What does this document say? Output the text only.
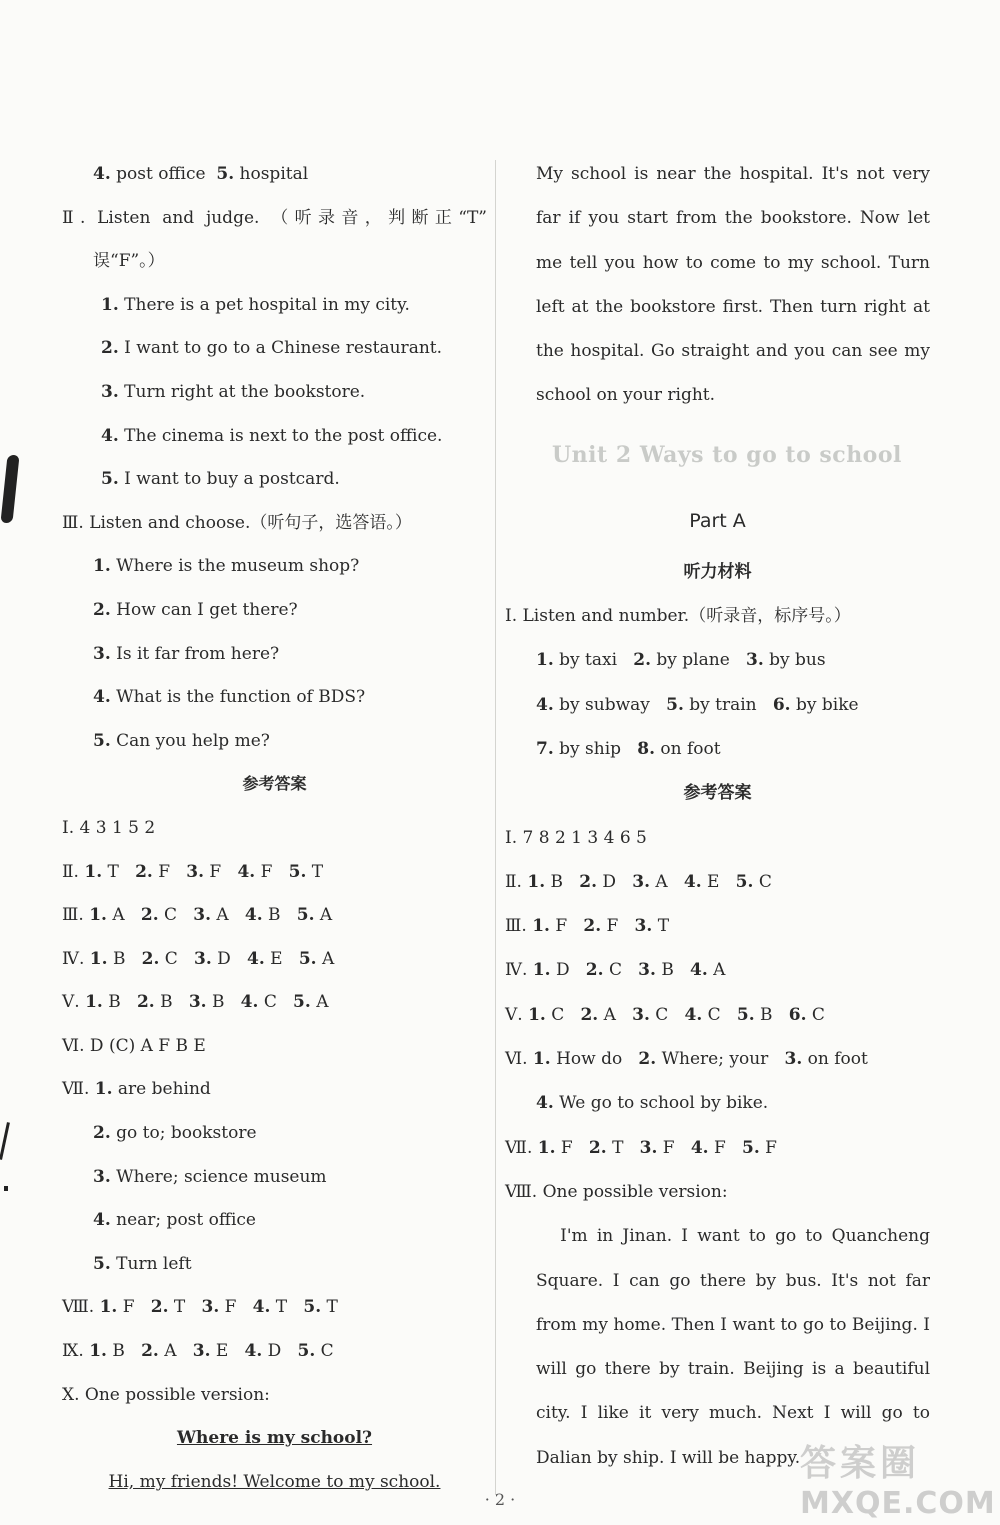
4. post office  5. hospital
Ⅱ. Listen and judge. （听录音，判断正“T”
误“F”。）
1. There is a pet hospital in my city.
2. I want to go to a Chinese restaurant.
3. Turn right at the bookstore.
4. The cinema is next to the post office.
5. I want to buy a postcard.
Ⅲ. Listen and choose.（听句子，选答语。）
1. Where is the museum shop?
2. How can I get there?
3. Is it far from here?
4. What is the function of BDS?
5. Can you help me?
参考答案
Ⅰ. 4 3 1 5 2
Ⅱ. 1. T   2. F   3. F   4. F   5. T
Ⅲ. 1. A   2. C   3. A   4. B   5. A
Ⅳ. 1. B   2. C   3. D   4. E   5. A
Ⅴ. 1. B   2. B   3. B   4. C   5. A
Ⅵ. D (C) A F B E
Ⅶ. 1. are behind
2. go to; bookstore
3. Where; science museum
4. near; post office
5. Turn left
Ⅷ. 1. F   2. T   3. F   4. T   5. T
Ⅸ. 1. B   2. A   3. E   4. D   5. C
Ⅹ. One possible version:
Where is my school?
Hi, my friends! Welcome to my school.
My school is near the hospital. It's not very
far if you start from the bookstore. Now let
me tell you how to come to my school. Turn
left at the bookstore first. Then turn right at
the hospital. Go straight and you can see my
school on your right.
Unit 2 Ways to go to school
Part A
听力材料
Ⅰ. Listen and number.（听录音，标序号。）
1. by taxi   2. by plane   3. by bus
4. by subway   5. by train   6. by bike
7. by ship   8. on foot
参考答案
Ⅰ. 7 8 2 1 3 4 6 5
Ⅱ. 1. B   2. D   3. A   4. E   5. C
Ⅲ. 1. F   2. F   3. T
Ⅳ. 1. D   2. C   3. B   4. A
Ⅴ. 1. C   2. A   3. C   4. C   5. B   6. C
Ⅵ. 1. How do   2. Where; your   3. on foot
4. We go to school by bike.
Ⅶ. 1. F   2. T   3. F   4. F   5. F
Ⅷ. One possible version:
I'm in Jinan. I want to go to Quancheng
Square. I can go there by bus. It's not far
from my home. Then I want to go to Beijing. I
will go there by train. Beijing is a beautiful
city. I like it very much. Next I will go to
Dalian by ship. I will be happy.
· 2 ·
答案圈
MXQE.COM
